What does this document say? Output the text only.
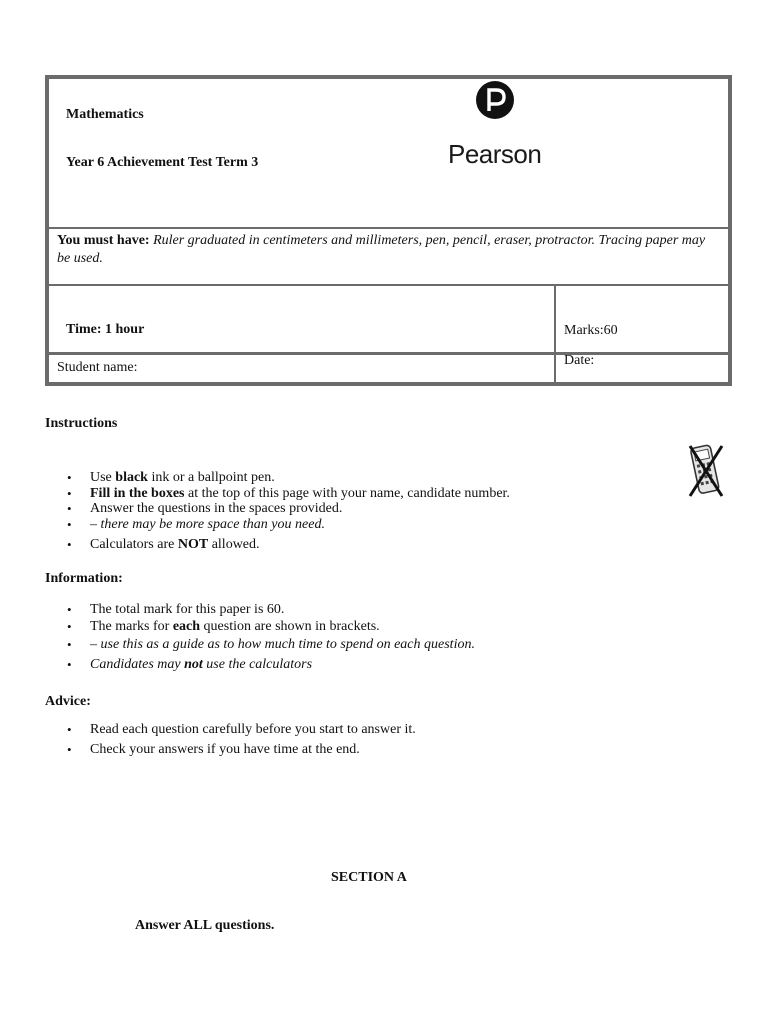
Mathematics
Year 6 Achievement Test Term 3	Pearson

You must have: Ruler graduated in centimeters and millimeters, pen, pencil, eraser, protractor. Tracing paper may be used.

Time: 1 hour	Marks:60
Student name:	Date:
Instructions
• Use black ink or a ballpoint pen.
• Fill in the boxes at the top of this page with your name, candidate number.
• Answer the questions in the spaces provided.
• – there may be more space than you need.
• Calculators are NOT allowed.
Information:
• The total mark for this paper is 60.
• The marks for each question are shown in brackets.
• – use this as a guide as to how much time to spend on each question.
• Candidates may not use the calculators
Advice:
• Read each question carefully before you start to answer it.
• Check your answers if you have time at the end.
SECTION A
Answer ALL questions.
